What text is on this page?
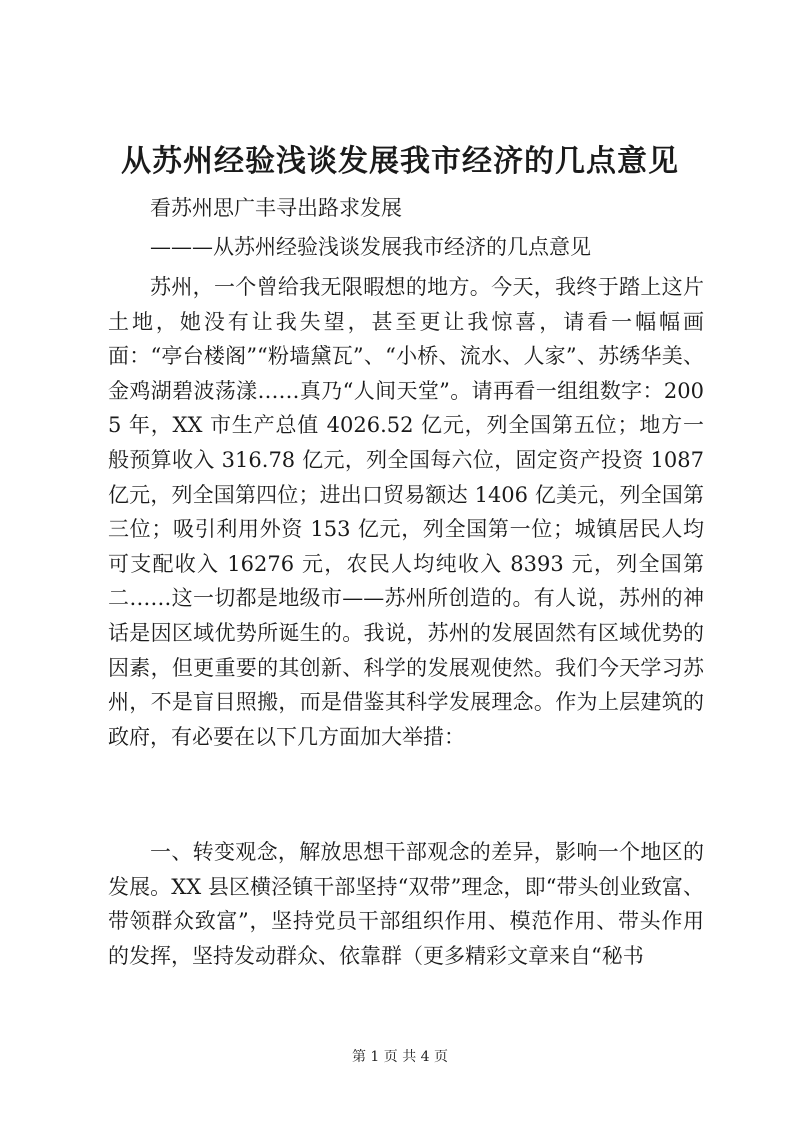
从苏州经验浅谈发展我市经济的几点意见
看苏州思广丰寻出路求发展
———从苏州经验浅谈发展我市经济的几点意见
苏州，一个曾给我无限暇想的地方。今天，我终于踏上这片土地，她没有让我失望，甚至更让我惊喜，请看一幅幅画面：“亭台楼阁”“粉墙黛瓦”、“小桥、流水、人家”、苏绣华美、金鸡湖碧波荡漾……真乃“人间天堂”。请再看一组组数字：2005 年，XX 市生产总值 4026.52 亿元，列全国第五位；地方一般预算收入 316.78 亿元，列全国每六位，固定资产投资 1087 亿元，列全国第四位；进出口贸易额达 1406 亿美元，列全国第三位；吸引利用外资 153 亿元，列全国第一位；城镇居民人均可支配收入 16276 元，农民人均纯收入 8393 元，列全国第二……这一切都是地级市——苏州所创造的。有人说，苏州的神话是因区域优势所诞生的。我说，苏州的发展固然有区域优势的因素，但更重要的其创新、科学的发展观使然。我们今天学习苏州，不是盲目照搬，而是借鉴其科学发展理念。作为上层建筑的政府，有必要在以下几方面加大举措：
一、转变观念，解放思想干部观念的差异，影响一个地区的发展。XX 县区横泾镇干部坚持“双带”理念，即“带头创业致富、带领群众致富”，坚持党员干部组织作用、模范作用、带头作用的发挥，坚持发动群众、依靠群（更多精彩文章来自“秘书
第 1 页 共 4 页
